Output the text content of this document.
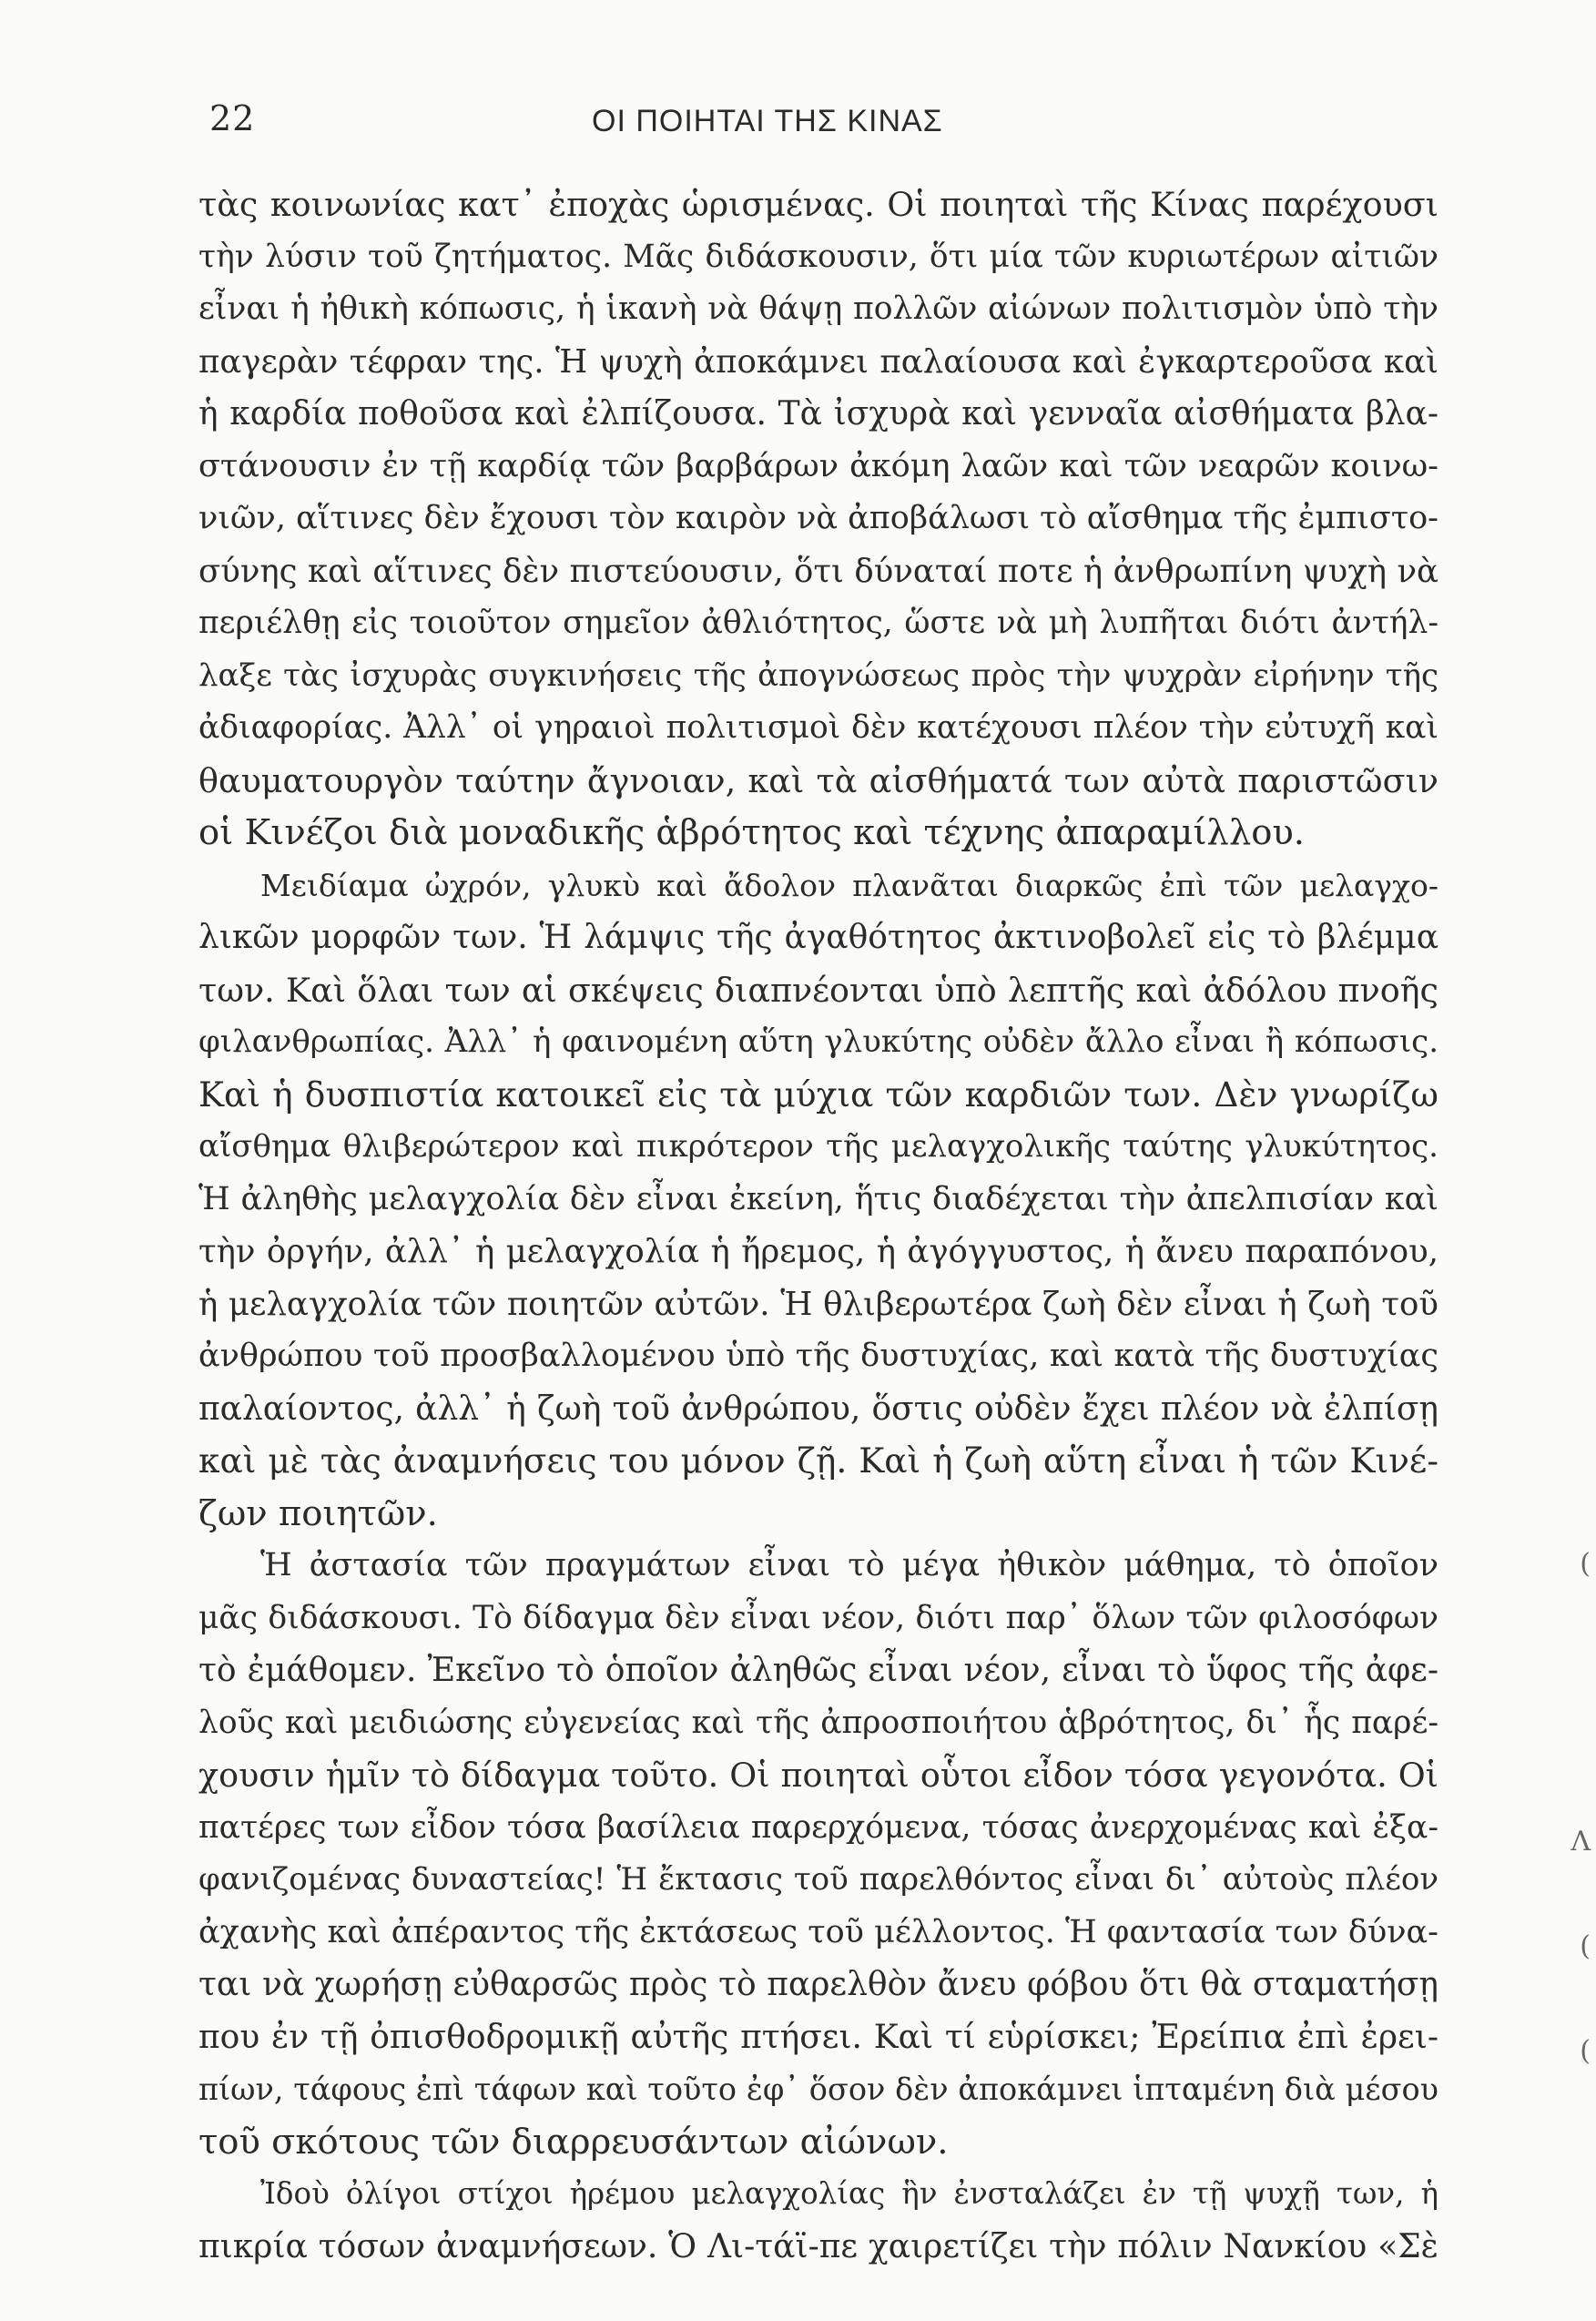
22	ΟΙ ΠΟΙΗΤΑΙ ΤΗΣ ΚΙΝΑΣ
τὰς κοινωνίας κατ᾽ ἐποχὰς ὡρισμένας. Οἱ ποιηταὶ τῆς Κίνας παρέχουσι
τὴν λύσιν τοῦ ζητήματος. Μᾶς διδάσκουσιν, ὅτι μία τῶν κυριωτέρων αἰτιῶν
εἶναι ἡ ἠθικὴ κόπωσις, ἡ ἱκανὴ νὰ θάψῃ πολλῶν αἰώνων πολιτισμὸν ὑπὸ τὴν
παγερὰν τέφραν της. Ἡ ψυχὴ ἀποκάμνει παλαίουσα καὶ ἐγκαρτεροῦσα καὶ
ἡ καρδία ποθοῦσα καὶ ἐλπίζουσα. Τὰ ἰσχυρὰ καὶ γενναῖα αἰσθήματα βλα-
στάνουσιν ἐν τῇ καρδίᾳ τῶν βαρβάρων ἀκόμη λαῶν καὶ τῶν νεαρῶν κοινω-
νιῶν, αἵτινες δὲν ἔχουσι τὸν καιρὸν νὰ ἀποβάλωσι τὸ αἴσθημα τῆς ἐμπιστο-
σύνης καὶ αἵτινες δὲν πιστεύουσιν, ὅτι δύναταί ποτε ἡ ἀνθρωπίνη ψυχὴ νὰ
περιέλθῃ εἰς τοιοῦτον σημεῖον ἀθλιότητος, ὥστε νὰ μὴ λυπῆται διότι ἀντήλ-
λαξε τὰς ἰσχυρὰς συγκινήσεις τῆς ἀπογνώσεως πρὸς τὴν ψυχρὰν εἰρήνην τῆς
ἀδιαφορίας. Ἀλλ᾽ οἱ γηραιοὶ πολιτισμοὶ δὲν κατέχουσι πλέον τὴν εὐτυχῆ καὶ
θαυματουργὸν ταύτην ἄγνοιαν, καὶ τὰ αἰσθήματά των αὐτὰ παριστῶσιν
οἱ Κινέζοι διὰ μοναδικῆς ἁβρότητος καὶ τέχνης ἀπαραμίλλου.
Μειδίαμα ὠχρόν, γλυκὺ καὶ ἄδολον πλανᾶται διαρκῶς ἐπὶ τῶν μελαγχο-
λικῶν μορφῶν των. Ἡ λάμψις τῆς ἀγαθότητος ἀκτινοβολεῖ εἰς τὸ βλέμμα
των. Καὶ ὅλαι των αἱ σκέψεις διαπνέονται ὑπὸ λεπτῆς καὶ ἀδόλου πνοῆς
φιλανθρωπίας. Ἀλλ᾽ ἡ φαινομένη αὕτη γλυκύτης οὐδὲν ἄλλο εἶναι ἢ κόπωσις.
Καὶ ἡ δυσπιστία κατοικεῖ εἰς τὰ μύχια τῶν καρδιῶν των. Δὲν γνωρίζω
αἴσθημα θλιβερώτερον καὶ πικρότερον τῆς μελαγχολικῆς ταύτης γλυκύτητος.
Ἡ ἀληθὴς μελαγχολία δὲν εἶναι ἐκείνη, ἥτις διαδέχεται τὴν ἀπελπισίαν καὶ
τὴν ὀργήν, ἀλλ᾽ ἡ μελαγχολία ἡ ἤρεμος, ἡ ἀγόγγυστος, ἡ ἄνευ παραπόνου,
ἡ μελαγχολία τῶν ποιητῶν αὐτῶν. Ἡ θλιβερωτέρα ζωὴ δὲν εἶναι ἡ ζωὴ τοῦ
ἀνθρώπου τοῦ προσβαλλομένου ὑπὸ τῆς δυστυχίας, καὶ κατὰ τῆς δυστυχίας
παλαίοντος, ἀλλ᾽ ἡ ζωὴ τοῦ ἀνθρώπου, ὅστις οὐδὲν ἔχει πλέον νὰ ἐλπίσῃ
καὶ μὲ τὰς ἀναμνήσεις του μόνον ζῇ. Καὶ ἡ ζωὴ αὕτη εἶναι ἡ τῶν Κινέ-
ζων ποιητῶν.
Ἡ ἀστασία τῶν πραγμάτων εἶναι τὸ μέγα ἠθικὸν μάθημα, τὸ ὁποῖον
μᾶς διδάσκουσι. Τὸ δίδαγμα δὲν εἶναι νέον, διότι παρ᾽ ὅλων τῶν φιλοσόφων
τὸ ἐμάθομεν. Ἐκεῖνο τὸ ὁποῖον ἀληθῶς εἶναι νέον, εἶναι τὸ ὕφος τῆς ἀφε-
λοῦς καὶ μειδιώσης εὐγενείας καὶ τῆς ἀπροσποιήτου ἁβρότητος, δι᾽ ἧς παρέ-
χουσιν ἡμῖν τὸ δίδαγμα τοῦτο. Οἱ ποιηταὶ οὗτοι εἶδον τόσα γεγονότα. Οἱ
πατέρες των εἶδον τόσα βασίλεια παρερχόμενα, τόσας ἀνερχομένας καὶ ἐξα-
φανιζομένας δυναστείας! Ἡ ἔκτασις τοῦ παρελθόντος εἶναι δι᾽ αὐτοὺς πλέον
ἀχανὴς καὶ ἀπέραντος τῆς ἐκτάσεως τοῦ μέλλοντος. Ἡ φαντασία των δύνα-
ται νὰ χωρήσῃ εὐθαρσῶς πρὸς τὸ παρελθὸν ἄνευ φόβου ὅτι θὰ σταματήσῃ
που ἐν τῇ ὀπισθοδρομικῇ αὐτῆς πτήσει. Καὶ τί εὑρίσκει; Ἐρείπια ἐπὶ ἐρει-
πίων, τάφους ἐπὶ τάφων καὶ τοῦτο ἐφ᾽ ὅσον δὲν ἀποκάμνει ἱπταμένη διὰ μέσου
τοῦ σκότους τῶν διαρρευσάντων αἰώνων.
Ἰδοὺ ὀλίγοι στίχοι ἠρέμου μελαγχολίας ἣν ἐνσταλάζει ἐν τῇ ψυχῇ των, ἡ
πικρία τόσων ἀναμνήσεων. Ὁ Λι-τάϊ-πε χαιρετίζει τὴν πόλιν Νανκίου «Σὲ
(
Λ
(
(
